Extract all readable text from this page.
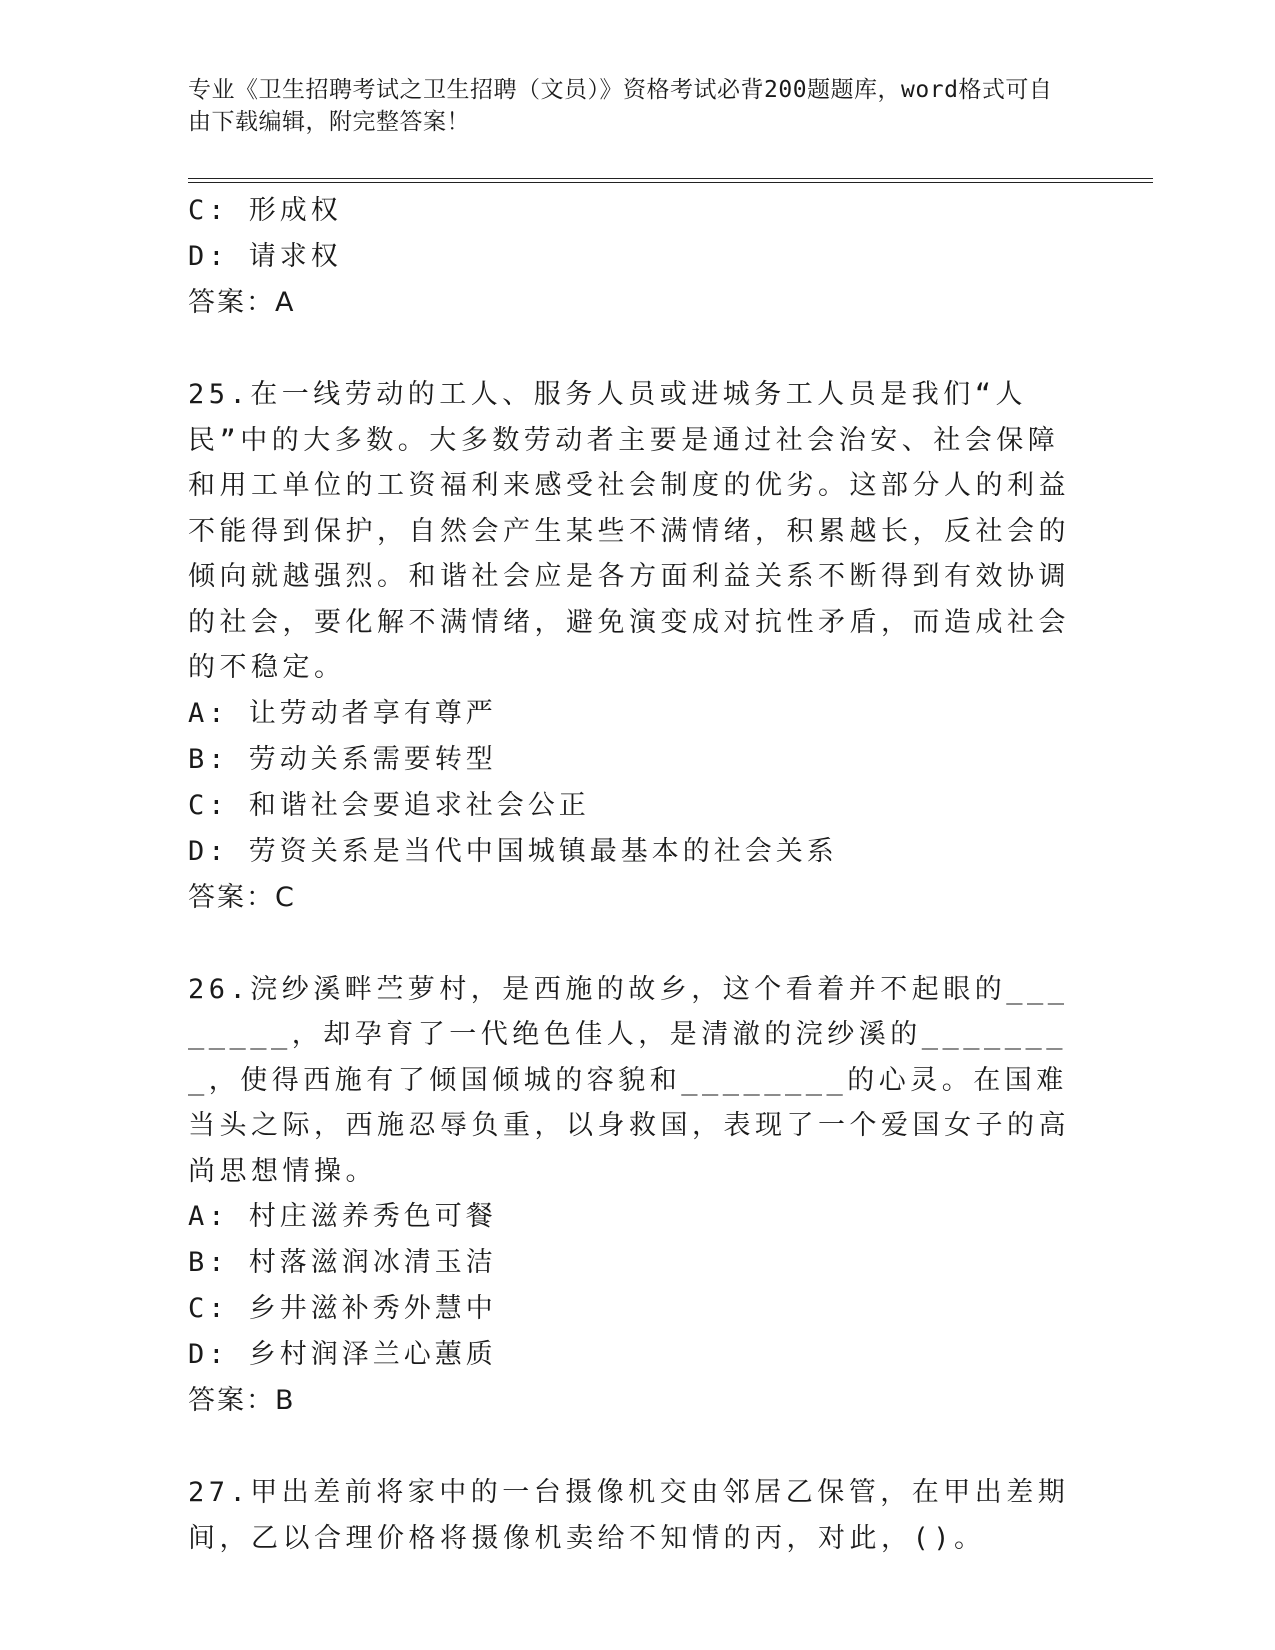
专业《卫生招聘考试之卫生招聘（文员）》资格考试必背200题题库，word格式可自由下载编辑，附完整答案！
C: 形成权
D: 请求权
答案：A
25.在一线劳动的工人、服务人员或进城务工人员是我们“人民”中的大多数。大多数劳动者主要是通过社会治安、社会保障和用工单位的工资福利来感受社会制度的优劣。这部分人的利益不能得到保护，自然会产生某些不满情绪，积累越长，反社会的倾向就越强烈。和谐社会应是各方面利益关系不断得到有效协调的社会，要化解不满情绪，避免演变成对抗性矛盾，而造成社会的不稳定。
A: 让劳动者享有尊严
B: 劳动关系需要转型
C: 和谐社会要追求社会公正
D: 劳资关系是当代中国城镇最基本的社会关系
答案：C
26.浣纱溪畔苎萝村，是西施的故乡，这个看着并不起眼的________，却孕育了一代绝色佳人，是清澈的浣纱溪的________，使得西施有了倾国倾城的容貌和________的心灵。在国难当头之际，西施忍辱负重，以身救国，表现了一个爱国女子的高尚思想情操。
A: 村庄滋养秀色可餐
B: 村落滋润冰清玉洁
C: 乡井滋补秀外慧中
D: 乡村润泽兰心蕙质
答案：B
27.甲出差前将家中的一台摄像机交由邻居乙保管，在甲出差期间，乙以合理价格将摄像机卖给不知情的丙，对此，()。
